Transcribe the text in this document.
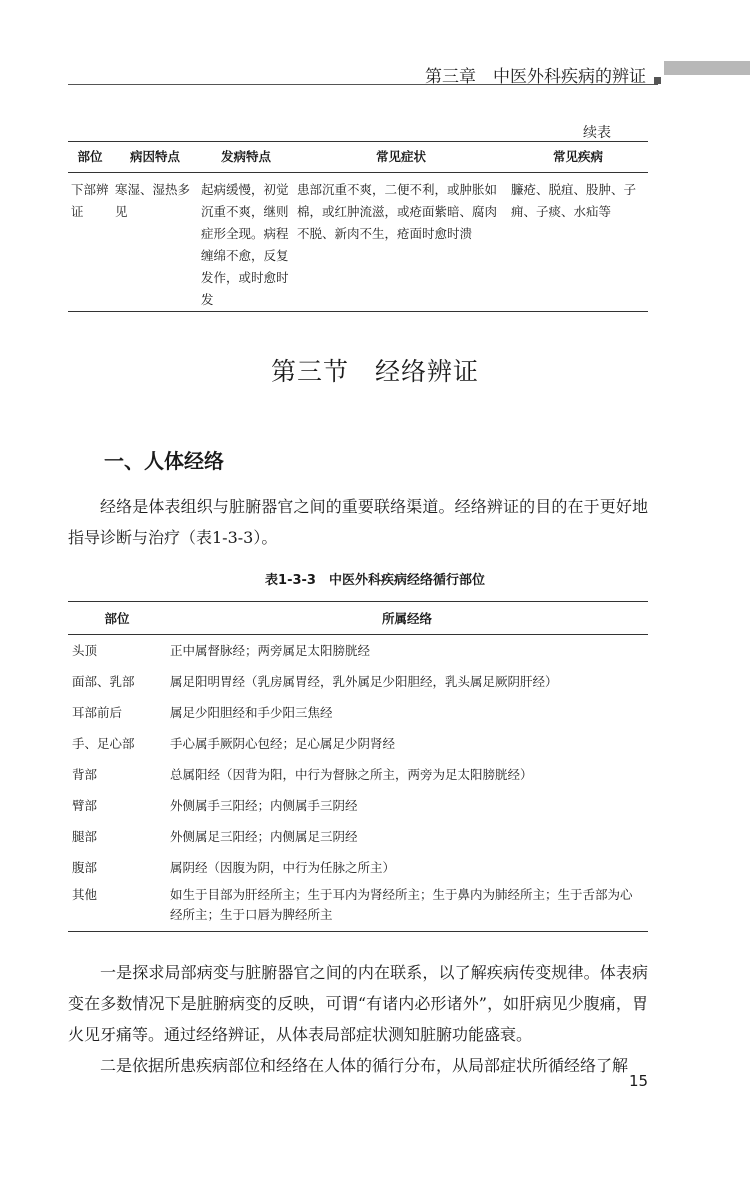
第三章　中医外科疾病的辨证
续表
部位	病因特点	发病特点	常见症状	常见疾病
下部辨证	寒湿、湿热多见	起病缓慢，初觉沉重不爽，继则症形全现。病程缠绵不愈，反复发作，或时愈时发	患部沉重不爽，二便不利，或肿胀如棉，或红肿流滋，或疮面紫暗、腐肉不脱、新肉不生，疮面时愈时溃	臁疮、脱疽、股肿、子痈、子痰、水疝等
第三节　经络辨证
一、人体经络

经络是体表组织与脏腑器官之间的重要联络渠道。经络辨证的目的在于更好地指导诊断与治疗（表1-3-3）。

表1-3-3　中医外科疾病经络循行部位
部位	所属经络
头顶	正中属督脉经；两旁属足太阳膀胱经
面部、乳部	属足阳明胃经（乳房属胃经，乳外属足少阳胆经，乳头属足厥阴肝经）
耳部前后	属足少阳胆经和手少阳三焦经
手、足心部	手心属手厥阴心包经；足心属足少阴肾经
背部	总属阳经（因背为阳，中行为督脉之所主，两旁为足太阳膀胱经）
臂部	外侧属手三阳经；内侧属手三阴经
腿部	外侧属足三阳经；内侧属足三阴经
腹部	属阴经（因腹为阴，中行为任脉之所主）
其他	如生于目部为肝经所主；生于耳内为肾经所主；生于鼻内为肺经所主；生于舌部为心经所主；生于口唇为脾经所主

一是探求局部病变与脏腑器官之间的内在联系，以了解疾病传变规律。体表病变在多数情况下是脏腑病变的反映，可谓“有诸内必形诸外”，如肝病见少腹痛，胃火见牙痛等。通过经络辨证，从体表局部症状测知脏腑功能盛衰。

二是依据所患疾病部位和经络在人体的循行分布，从局部症状所循经络了解

15
